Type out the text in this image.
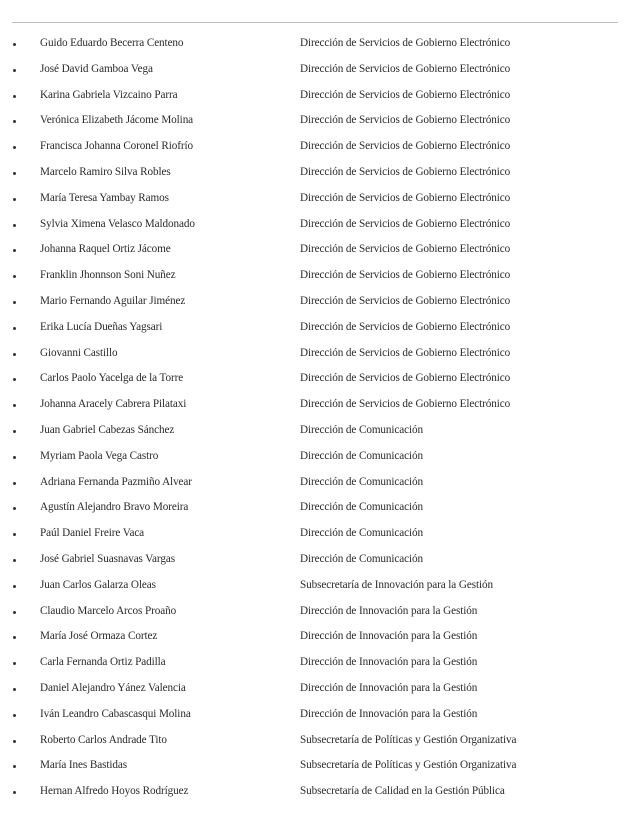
Guido Eduardo Becerra Centeno	Dirección de Servicios de Gobierno Electrónico
José David Gamboa Vega	Dirección de Servicios de Gobierno Electrónico
Karina Gabriela Vizcaino Parra	Dirección de Servicios de Gobierno Electrónico
Verónica Elizabeth Jácome Molina	Dirección de Servicios de Gobierno Electrónico
Francisca Johanna Coronel Riofrío	Dirección de Servicios de Gobierno Electrónico
Marcelo Ramiro Silva Robles	Dirección de Servicios de Gobierno Electrónico
María Teresa Yambay Ramos	Dirección de Servicios de Gobierno Electrónico
Sylvia Ximena Velasco Maldonado	Dirección de Servicios de Gobierno Electrónico
Johanna Raquel Ortiz Jácome	Dirección de Servicios de Gobierno Electrónico
Franklin Jhonnson Soni Nuñez	Dirección de Servicios de Gobierno Electrónico
Mario Fernando Aguilar Jiménez	Dirección de Servicios de Gobierno Electrónico
Erika Lucía Dueñas Yagsari	Dirección de Servicios de Gobierno Electrónico
Giovanni Castillo	Dirección de Servicios de Gobierno Electrónico
Carlos Paolo Yacelga de la Torre	Dirección de Servicios de Gobierno Electrónico
Johanna Aracely Cabrera Pilataxi	Dirección de Servicios de Gobierno Electrónico
Juan Gabriel Cabezas Sánchez	Dirección de Comunicación
Myriam Paola Vega Castro	Dirección de Comunicación
Adriana Fernanda Pazmiño Alvear	Dirección de Comunicación
Agustín Alejandro Bravo Moreira	Dirección de Comunicación
Paúl Daniel Freire Vaca	Dirección de Comunicación
José Gabriel Suasnavas Vargas	Dirección de Comunicación
Juan Carlos Galarza Oleas	Subsecretaría de Innovación para la Gestión
Claudio Marcelo Arcos Proaño	Dirección de Innovación para la Gestión
María José Ormaza Cortez	Dirección de Innovación para la Gestión
Carla Fernanda Ortiz Padilla	Dirección de Innovación para la Gestión
Daniel Alejandro Yánez Valencia	Dirección de Innovación para la Gestión
Iván Leandro Cabascasqui Molina	Dirección de Innovación para la Gestión
Roberto Carlos Andrade Tito	Subsecretaría de Políticas y Gestión Organizativa
María Ines Bastidas	Subsecretaría de Políticas y Gestión Organizativa
Hernan Alfredo Hoyos Rodríguez	Subsecretaría de Calidad en la Gestión Pública
